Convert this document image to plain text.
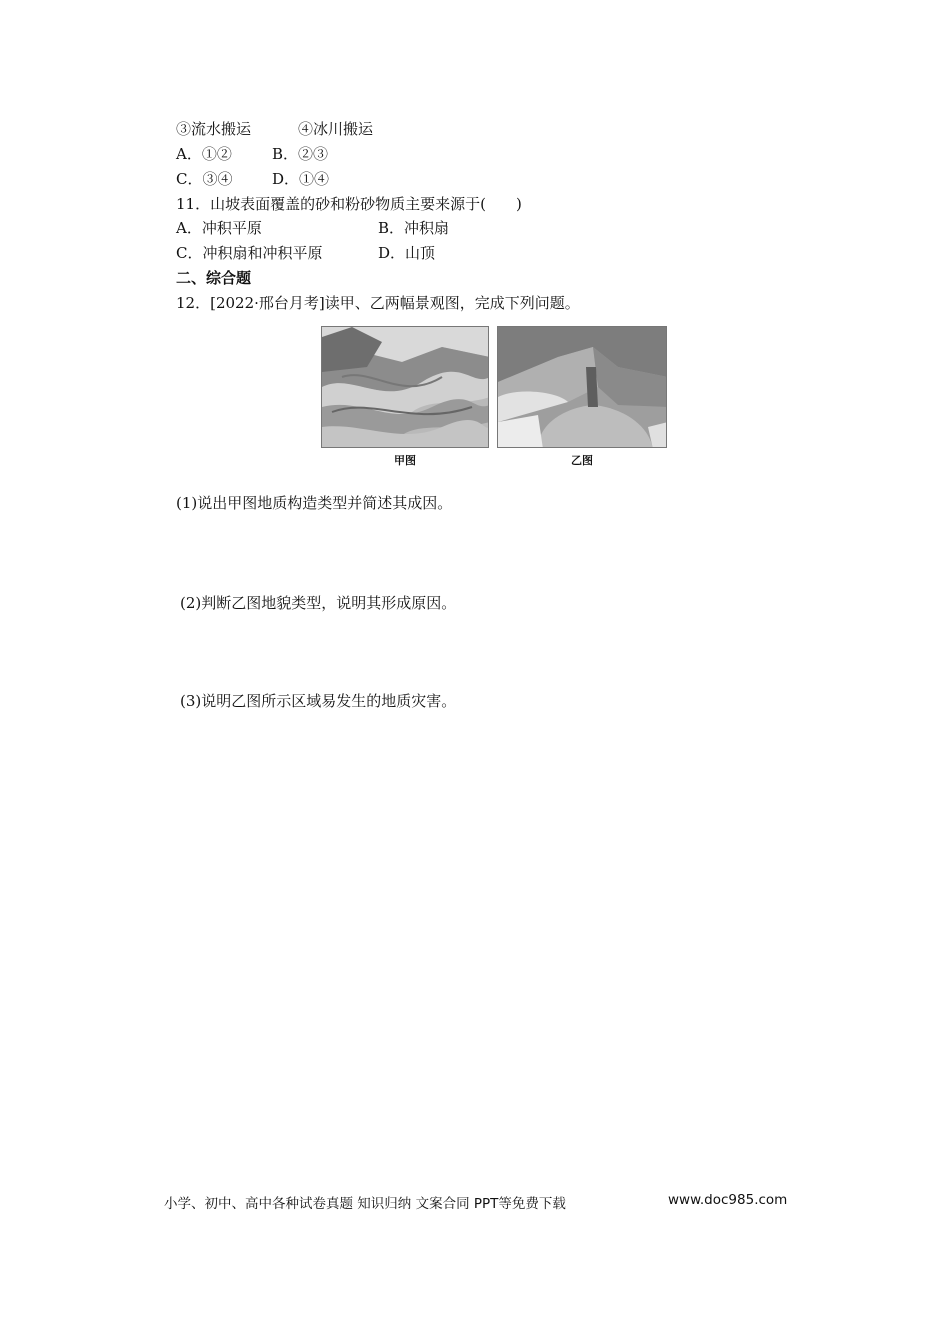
③流水搬运	④冰川搬运
A．①②	B．②③
C．③④	D．①④
11．山坡表面覆盖的砂和粉砂物质主要来源于(　　)
A．冲积平原	B．冲积扇
C．冲积扇和冲积平原	D．山顶
二、综合题
12．[2022·邢台月考]读甲、乙两幅景观图，完成下列问题。
甲图	乙图
(1)说出甲图地质构造类型并简述其成因。
(2)判断乙图地貌类型，说明其形成原因。
(3)说明乙图所示区域易发生的地质灾害。
小学、初中、高中各种试卷真题 知识归纳 文案合同 PPT等免费下载	www.doc985.com
